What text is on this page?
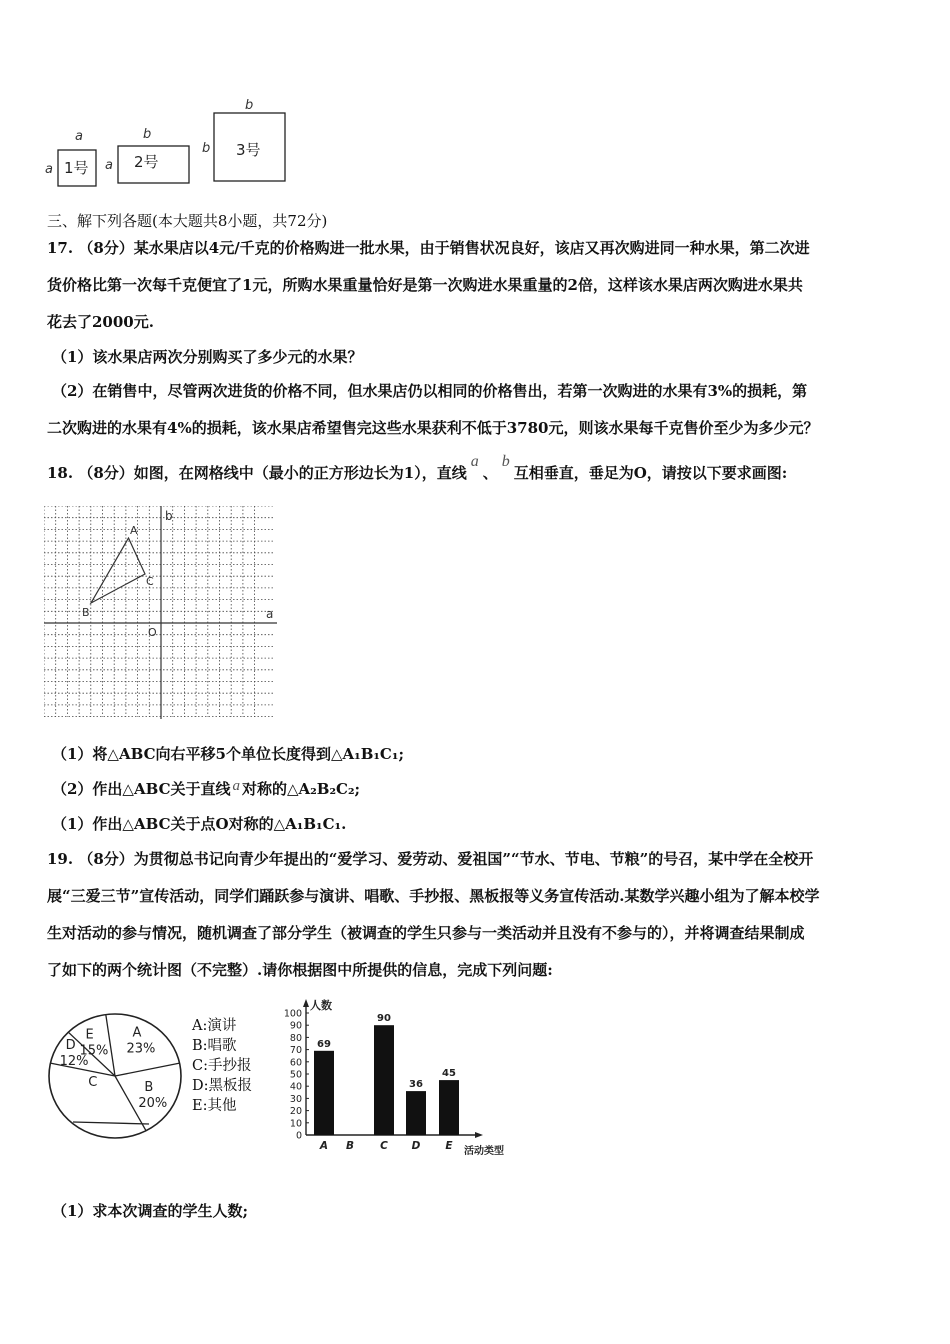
a
a 1号
b
a 2号
b
b 3号
三、解下列各题(本大题共8小题，共72分)
17. （8分）某水果店以4元/千克的价格购进一批水果，由于销售状况良好，该店又再次购进同一种水果，第二次进
货价格比第一次每千克便宜了1元，所购水果重量恰好是第一次购进水果重量的2倍，这样该水果店两次购进水果共
花去了2000元.
（1）该水果店两次分别购买了多少元的水果？
（2）在销售中，尽管两次进货的价格不同，但水果店仍以相同的价格售出，若第一次购进的水果有3%的损耗，第
二次购进的水果有4%的损耗，该水果店希望售完这些水果获利不低于3780元，则该水果每千克售价至少为多少元？
18. （8分）如图，在网格线中（最小的正方形边长为1），直线a、b互相垂直，垂足为O，请按以下要求画图:
A
B
C
O
a
b
（1）将△ABC向右平移5个单位长度得到△A₁B₁C₁;
（2）作出△ABC关于直线 a 对称的△A₂B₂C₂;
（1）作出△ABC关于点O对称的△A₁B₁C₁.
19. （8分）为贯彻总书记向青少年提出的“爱学习、爱劳动、爱祖国”“节水、节电、节粮”的号召，某中学在全校开
展“三爱三节”宣传活动，同学们踊跃参与演讲、唱歌、手抄报、黑板报等义务宣传活动.某数学兴趣小组为了解本校学
生对活动的参与情况，随机调查了部分学生（被调查的学生只参与一类活动并且没有不参与的），并将调查结果制成
了如下的两个统计图（不完整）.请你根据图中所提供的信息，完成下列问题:
A
23%
B
20%
C
D
12%
E
15%
A:演讲
B:唱歌
C:手抄报
D:黑板报
E:其他
0
10
20
30
40
50
60
70
80
90
100
人数
活动类型
A
69
B C
90
D
36
E
45
（1）求本次调查的学生人数;
